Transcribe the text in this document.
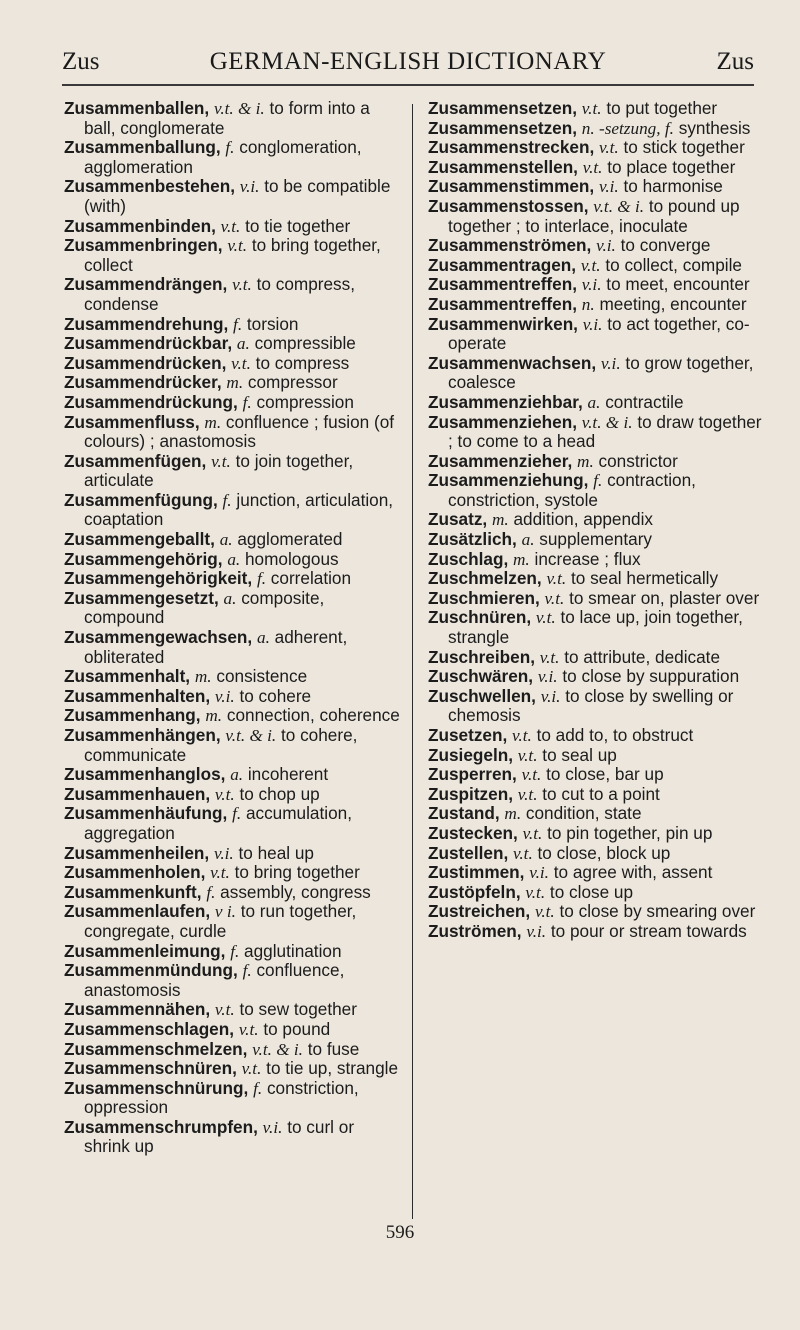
Zus	GERMAN-ENGLISH DICTIONARY	Zus

Zusammenballen, v.t. & i. to form into a ball, conglomerate

Zusammenballung, f. conglomeration, agglomeration

Zusammenbestehen, v.i. to be compatible (with)

Zusammenbinden, v.t. to tie together

Zusammenbringen, v.t. to bring together, collect

Zusammendrängen, v.t. to compress, condense

Zusammendrehung, f. torsion

Zusammendrückbar, a. compressible

Zusammendrücken, v.t. to compress

Zusammendrücker, m. compressor

Zusammendrückung, f. compression

Zusammenfluss, m. confluence ; fusion (of colours) ; anastomosis

Zusammenfügen, v.t. to join together, articulate

Zusammenfügung, f. junction, articulation, coaptation

Zusammengeballt, a. agglomerated

Zusammengehörig, a. homologous

Zusammengehörigkeit, f. correlation

Zusammengesetzt, a. composite, compound

Zusammengewachsen, a. adherent, obliterated

Zusammenhalt, m. consistence

Zusammenhalten, v.i. to cohere

Zusammenhang, m. connection, coherence

Zusammenhängen, v.t. & i. to cohere, communicate

Zusammenhanglos, a. incoherent

Zusammenhauen, v.t. to chop up

Zusammenhäufung, f. accumulation, aggregation

Zusammenheilen, v.i. to heal up

Zusammenholen, v.t. to bring together

Zusammenkunft, f. assembly, congress

Zusammenlaufen, v i. to run together, congregate, curdle

Zusammenleimung, f. agglutination

Zusammenmündung, f. confluence, anastomosis

Zusammennähen, v.t. to sew together

Zusammenschlagen, v.t. to pound

Zusammenschmelzen, v.t. & i. to fuse

Zusammenschnüren, v.t. to tie up, strangle

Zusammenschnürung, f. constriction, oppression

Zusammenschrumpfen, v.i. to curl or shrink up

Zusammensetzen, v.t. to put together

Zusammensetzen, n. -setzung, f. synthesis

Zusammenstrecken, v.t. to stick together

Zusammenstellen, v.t. to place together

Zusammenstimmen, v.i. to harmonise

Zusammenstossen, v.t. & i. to pound up together ; to interlace, inoculate

Zusammenströmen, v.i. to converge

Zusammentragen, v.t. to collect, compile

Zusammentreffen, v.i. to meet, encounter

Zusammentreffen, n. meeting, encounter

Zusammenwirken, v.i. to act together, co-operate

Zusammenwachsen, v.i. to grow together, coalesce

Zusammenziehbar, a. contractile

Zusammenziehen, v.t. & i. to draw together ; to come to a head

Zusammenzieher, m. constrictor

Zusammenziehung, f. contraction, constriction, systole

Zusatz, m. addition, appendix

Zusätzlich, a. supplementary

Zuschlag, m. increase ; flux

Zuschmelzen, v.t. to seal hermetically

Zuschmieren, v.t. to smear on, plaster over

Zuschnüren, v.t. to lace up, join together, strangle

Zuschreiben, v.t. to attribute, dedicate

Zuschwären, v.i. to close by suppuration

Zuschwellen, v.i. to close by swelling or chemosis

Zusetzen, v.t. to add to, to obstruct

Zusiegeln, v.t. to seal up

Zusperren, v.t. to close, bar up

Zuspitzen, v.t. to cut to a point

Zustand, m. condition, state

Zustecken, v.t. to pin together, pin up

Zustellen, v.t. to close, block up

Zustimmen, v.i. to agree with, assent

Zustöpfeln, v.t. to close up

Zustreichen, v.t. to close by smearing over

Zuströmen, v.i. to pour or stream towards

596
